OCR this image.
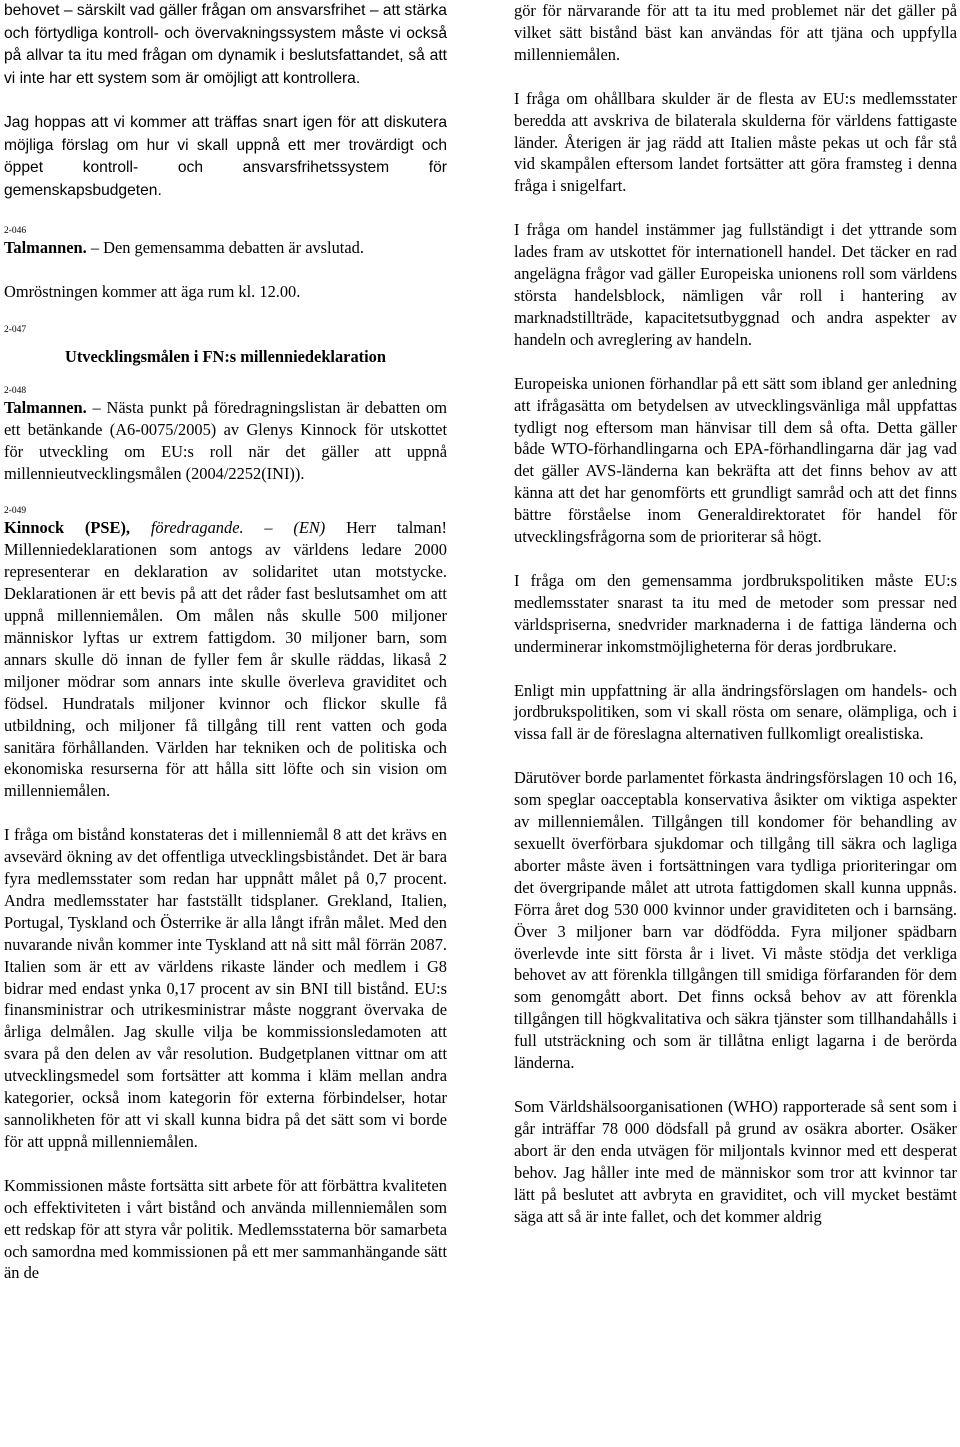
behovet – särskilt vad gäller frågan om ansvarsfrihet – att stärka och förtydliga kontroll- och övervakningssystem måste vi också på allvar ta itu med frågan om dynamik i beslutsfattandet, så att vi inte har ett system som är omöjligt att kontrollera.

Jag hoppas att vi kommer att träffas snart igen för att diskutera möjliga förslag om hur vi skall uppnå ett mer trovärdigt och öppet kontroll- och ansvarsfrihetssystem för gemenskapsbudgeten.

2-046

Talmannen. – Den gemensamma debatten är avslutad.

Omröstningen kommer att äga rum kl. 12.00.

2-047

Utvecklingsmålen i FN:s millenniedeklaration

2-048

Talmannen. – Nästa punkt på föredragningslistan är debatten om ett betänkande (A6-0075/2005) av Glenys Kinnock för utskottet för utveckling om EU:s roll när det gäller att uppnå millennieutvecklingsmålen (2004/2252(INI)).

2-049

Kinnock (PSE), föredragande. – (EN) Herr talman! Millenniedeklarationen som antogs av världens ledare 2000 representerar en deklaration av solidaritet utan motstycke. Deklarationen är ett bevis på att det råder fast beslutsamhet om att uppnå millenniemålen. Om målen nås skulle 500 miljoner människor lyftas ur extrem fattigdom. 30 miljoner barn, som annars skulle dö innan de fyller fem år skulle räddas, likaså 2 miljoner mödrar som annars inte skulle överleva graviditet och födsel. Hundratals miljoner kvinnor och flickor skulle få utbildning, och miljoner få tillgång till rent vatten och goda sanitära förhållanden. Världen har tekniken och de politiska och ekonomiska resurserna för att hålla sitt löfte och sin vision om millenniemålen.

I fråga om bistånd konstateras det i millenniemål 8 att det krävs en avsevärd ökning av det offentliga utvecklingsbiståndet. Det är bara fyra medlemsstater som redan har uppnått målet på 0,7 procent. Andra medlemsstater har fastställt tidsplaner. Grekland, Italien, Portugal, Tyskland och Österrike är alla långt ifrån målet. Med den nuvarande nivån kommer inte Tyskland att nå sitt mål förrän 2087. Italien som är ett av världens rikaste länder och medlem i G8 bidrar med endast ynka 0,17 procent av sin BNI till bistånd. EU:s finansministrar och utrikesministrar måste noggrant övervaka de årliga delmålen. Jag skulle vilja be kommissionsledamoten att svara på den delen av vår resolution. Budgetplanen vittnar om att utvecklingsmedel som fortsätter att komma i kläm mellan andra kategorier, också inom kategorin för externa förbindelser, hotar sannolikheten för att vi skall kunna bidra på det sätt som vi borde för att uppnå millenniemålen.

Kommissionen måste fortsätta sitt arbete för att förbättra kvaliteten och effektiviteten i vårt bistånd och använda millenniemålen som ett redskap för att styra vår politik. Medlemsstaterna bör samarbeta och samordna med kommissionen på ett mer sammanhängande sätt än de

gör för närvarande för att ta itu med problemet när det gäller på vilket sätt bistånd bäst kan användas för att tjäna och uppfylla millenniemålen.

I fråga om ohållbara skulder är de flesta av EU:s medlemsstater beredda att avskriva de bilaterala skulderna för världens fattigaste länder. Återigen är jag rädd att Italien måste pekas ut och får stå vid skampålen eftersom landet fortsätter att göra framsteg i denna fråga i snigelfart.

I fråga om handel instämmer jag fullständigt i det yttrande som lades fram av utskottet för internationell handel. Det täcker en rad angelägna frågor vad gäller Europeiska unionens roll som världens största handelsblock, nämligen vår roll i hantering av marknadstillträde, kapacitetsutbyggnad och andra aspekter av handeln och avreglering av handeln.

Europeiska unionen förhandlar på ett sätt som ibland ger anledning att ifrågasätta om betydelsen av utvecklingsvänliga mål uppfattas tydligt nog eftersom man hänvisar till dem så ofta. Detta gäller både WTO-förhandlingarna och EPA-förhandlingarna där jag vad det gäller AVS-länderna kan bekräfta att det finns behov av att känna att det har genomförts ett grundligt samråd och att det finns bättre förståelse inom Generaldirektoratet för handel för utvecklingsfrågorna som de prioriterar så högt.

I fråga om den gemensamma jordbrukspolitiken måste EU:s medlemsstater snarast ta itu med de metoder som pressar ned världspriserna, snedvrider marknaderna i de fattiga länderna och underminerar inkomstmöjligheterna för deras jordbrukare.

Enligt min uppfattning är alla ändringsförslagen om handels- och jordbrukspolitiken, som vi skall rösta om senare, olämpliga, och i vissa fall är de föreslagna alternativen fullkomligt orealistiska.

Därutöver borde parlamentet förkasta ändringsförslagen 10 och 16, som speglar oacceptabla konservativa åsikter om viktiga aspekter av millenniemålen. Tillgången till kondomer för behandling av sexuellt överförbara sjukdomar och tillgång till säkra och lagliga aborter måste även i fortsättningen vara tydliga prioriteringar om det övergripande målet att utrota fattigdomen skall kunna uppnås. Förra året dog 530 000 kvinnor under graviditeten och i barnsäng. Över 3 miljoner barn var dödfödda. Fyra miljoner spädbarn överlevde inte sitt första år i livet. Vi måste stödja det verkliga behovet av att förenkla tillgången till smidiga förfaranden för dem som genomgått abort. Det finns också behov av att förenkla tillgången till högkvalitativa och säkra tjänster som tillhandahålls i full utsträckning och som är tillåtna enligt lagarna i de berörda länderna.

Som Världshälsoorganisationen (WHO) rapporterade så sent som i går inträffar 78 000 dödsfall på grund av osäkra aborter. Osäker abort är den enda utvägen för miljontals kvinnor med ett desperat behov. Jag håller inte med de människor som tror att kvinnor tar lätt på beslutet att avbryta en graviditet, och vill mycket bestämt säga att så är inte fallet, och det kommer aldrig
